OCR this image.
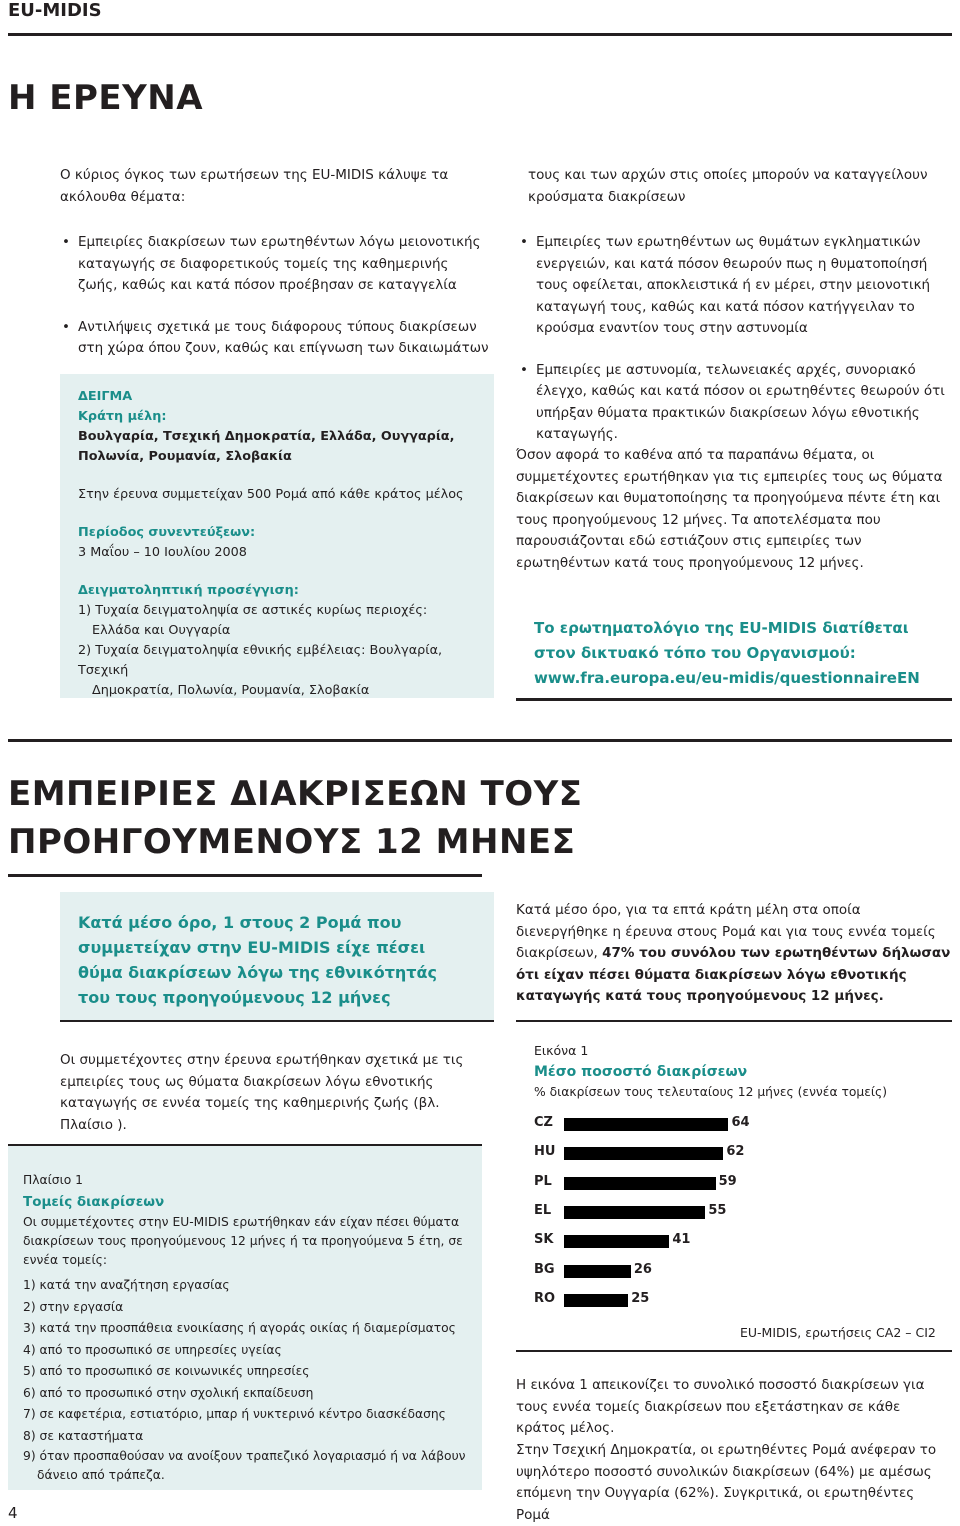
EU-MIDIS
Η ΕΡΕΥΝΑ
Ο κύριος όγκος των ερωτήσεων της EU-MIDIS κάλυψε τα ακόλουθα θέματα:
• Εμπειρίες διακρίσεων των ερωτηθέντων λόγω μειονοτικής καταγωγής σε διαφορετικούς τομείς της καθημερινής ζωής, καθώς και κατά πόσον προέβησαν σε καταγγελία
• Αντιλήψεις σχετικά με τους διάφορους τύπους διακρίσεων στη χώρα όπου ζουν, καθώς και επίγνωση των δικαιωμάτων
ΔΕΙΓΜΑ
Κράτη μέλη:
Βουλγαρία, Τσεχική Δημοκρατία, Ελλάδα, Ουγγαρία, Πολωνία, Ρουμανία, Σλοβακία
Στην έρευνα συμμετείχαν 500 Ρομά από κάθε κράτος μέλος
Περίοδος συνεντεύξεων:
3 Μαΐου – 10 Ιουλίου 2008
Δειγματοληπτική προσέγγιση:
1) Τυχαία δειγματοληψία σε αστικές κυρίως περιοχές:
Ελλάδα και Ουγγαρία
2) Τυχαία δειγματοληψία εθνικής εμβέλειας: Βουλγαρία, Τσεχική
Δημοκρατία, Πολωνία, Ρουμανία, Σλοβακία
τους και των αρχών στις οποίες μπορούν να καταγγείλουν κρούσματα διακρίσεων
• Εμπειρίες των ερωτηθέντων ως θυμάτων εγκληματικών ενεργειών, και κατά πόσον θεωρούν πως η θυματοποίησή τους οφείλεται, αποκλειστικά ή εν μέρει, στην μειονοτική καταγωγή τους, καθώς και κατά πόσον κατήγγειλαν το κρούσμα εναντίον τους στην αστυνομία
• Εμπειρίες με αστυνομία, τελωνειακές αρχές, συνοριακό έλεγχο, καθώς και κατά πόσον οι ερωτηθέντες θεωρούν ότι υπήρξαν θύματα πρακτικών διακρίσεων λόγω εθνοτικής καταγωγής.
Όσον αφορά το καθένα από τα παραπάνω θέματα, οι συμμετέχοντες ερωτήθηκαν για τις εμπειρίες τους ως θύματα διακρίσεων και θυματοποίησης τα προηγούμενα πέντε έτη και τους προηγούμενους 12 μήνες. Τα αποτελέσματα που παρουσιάζονται εδώ εστιάζουν στις εμπειρίες των ερωτηθέντων κατά τους προηγούμενους 12 μήνες.
Το ερωτηματολόγιο της EU-MIDIS διατίθεται στον δικτυακό τόπο του Οργανισμού:
www.fra.europa.eu/eu-midis/questionnaireEN
ΕΜΠΕΙΡΙΕΣ ΔΙΑΚΡΙΣΕΩΝ ΤΟΥΣ
ΠΡΟΗΓΟΥΜΕΝΟΥΣ 12 ΜΗΝΕΣ
Κατά μέσο όρο, 1 στους 2 Ρομά που συμμετείχαν στην EU-MIDIS είχε πέσει θύμα διακρίσεων λόγω της εθνικότητάς του τους προηγούμενους 12 μήνες
Κατά μέσο όρο, για τα επτά κράτη μέλη στα οποία διενεργήθηκε η έρευνα στους Ρομά και για τους εννέα τομείς διακρίσεων, 47% του συνόλου των ερωτηθέντων δήλωσαν ότι είχαν πέσει θύματα διακρίσεων λόγω εθνοτικής καταγωγής κατά τους προηγούμενους 12 μήνες.
Οι συμμετέχοντες στην έρευνα ερωτήθηκαν σχετικά με τις εμπειρίες τους ως θύματα διακρίσεων λόγω εθνοτικής καταγωγής σε εννέα τομείς της καθημερινής ζωής (βλ. Πλαίσιο ).
Πλαίσιο 1
Τομείς διακρίσεων
Οι συμμετέχοντες στην EU-MIDIS ερωτήθηκαν εάν είχαν πέσει θύματα διακρίσεων τους προηγούμενους 12 μήνες ή τα προηγούμενα 5 έτη, σε εννέα τομείς:
1) κατά την αναζήτηση εργασίας
2) στην εργασία
3) κατά την προσπάθεια ενοικίασης ή αγοράς οικίας ή διαμερίσματος
4) από το προσωπικό σε υπηρεσίες υγείας
5) από το προσωπικό σε κοινωνικές υπηρεσίες
6) από το προσωπικό στην σχολική εκπαίδευση
7) σε καφετέρια, εστιατόριο, μπαρ ή νυκτερινό κέντρο διασκέδασης
8) σε καταστήματα
9) όταν προσπαθούσαν να ανοίξουν τραπεζικό λογαριασμό ή να λάβουν δάνειο από τράπεζα.
4
Εικόνα 1
Μέσο ποσοστό διακρίσεων
% διακρίσεων τους τελευταίους 12 μήνες (εννέα τομείς)
CZ	64
HU	62
PL	59
EL	55
SK	41
BG	26
RO	25
EU-MIDIS, ερωτήσεις CA2 – CI2
Η εικόνα 1 απεικονίζει το συνολικό ποσοστό διακρίσεων για τους εννέα τομείς διακρίσεων που εξετάστηκαν σε κάθε κράτος μέλος.
Στην Τσεχική Δημοκρατία, οι ερωτηθέντες Ρομά ανέφεραν το υψηλότερο ποσοστό συνολικών διακρίσεων (64%) με αμέσως επόμενη την Ουγγαρία (62%). Συγκριτικά, οι ερωτηθέντες Ρομά
